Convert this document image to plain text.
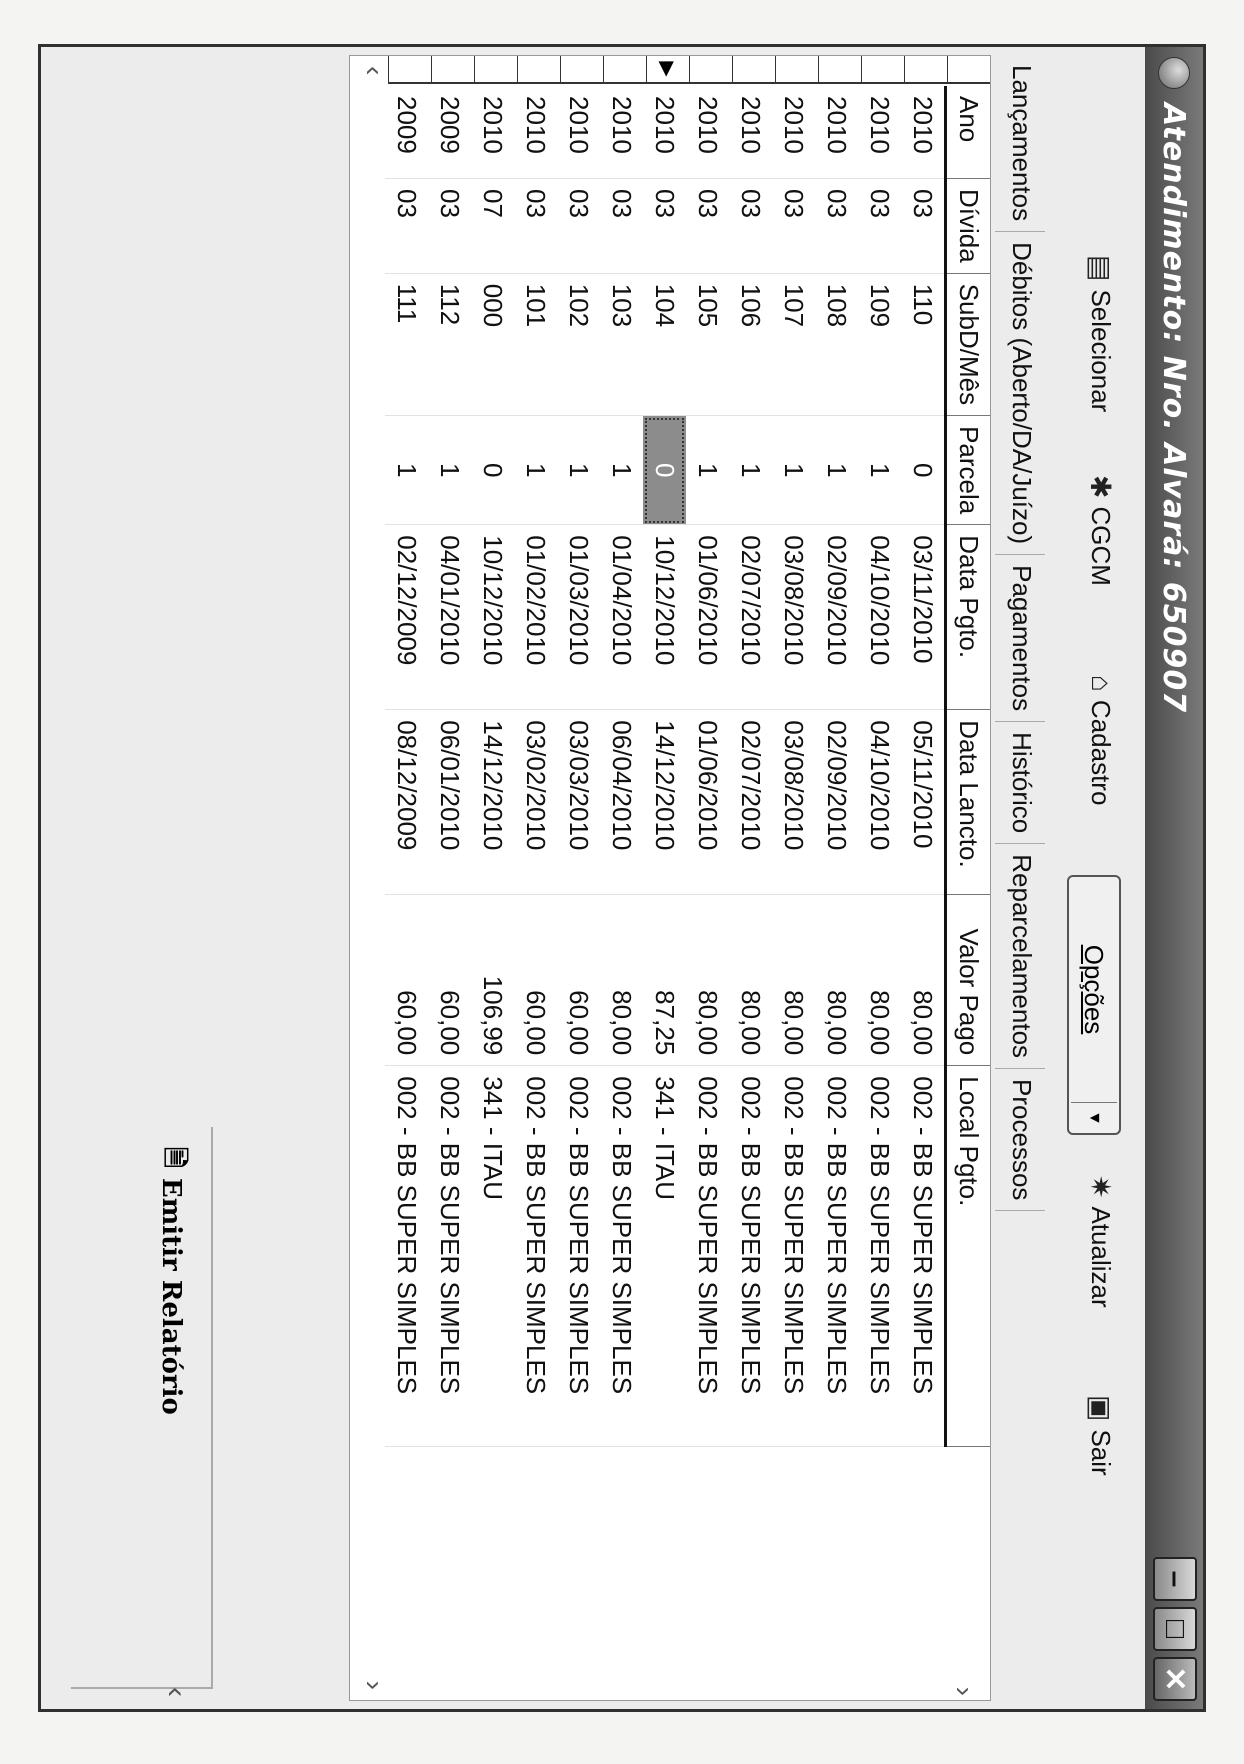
Atendimento: Nro. Alvará: 650907
–
□
✕
▤
Selecionar
✱
CGCM
⌂
Cadastro
Opções
▼
✷
Atualizar
▣
Sair
Lançamentos
Débitos (Aberto/DA/Juízo)
Pagamentos
Histórico
Reparcelamentos
Processos
▶
Ano	Dívida	SubD/Mês	Parcela	Data Pgto.	Data Lancto.	Valor Pago	Local Pgto.
2010	03	110	0	03/11/2010	05/11/2010	80,00	002 - BB SUPER SIMPLES
2010	03	109	1	04/10/2010	04/10/2010	80,00	002 - BB SUPER SIMPLES
2010	03	108	1	02/09/2010	02/09/2010	80,00	002 - BB SUPER SIMPLES
2010	03	107	1	03/08/2010	03/08/2010	80,00	002 - BB SUPER SIMPLES
2010	03	106	1	02/07/2010	02/07/2010	80,00	002 - BB SUPER SIMPLES
2010	03	105	1	01/06/2010	01/06/2010	80,00	002 - BB SUPER SIMPLES
2010	03	104	0	10/12/2010	14/12/2010	87,25	341 - ITAU
2010	03	103	1	01/04/2010	06/04/2010	80,00	002 - BB SUPER SIMPLES
2010	03	102	1	01/03/2010	03/03/2010	60,00	002 - BB SUPER SIMPLES
2010	03	101	1	01/02/2010	03/02/2010	60,00	002 - BB SUPER SIMPLES
2010	07	000	0	10/12/2010	14/12/2010	106,99	341 - ITAU
2009	03	112	1	04/01/2010	06/01/2010	60,00	002 - BB SUPER SIMPLES
2009	03	111	1	02/12/2009	08/12/2009	60,00	002 - BB SUPER SIMPLES
›
‹
›
🗎
Emitir Relatório
‹
